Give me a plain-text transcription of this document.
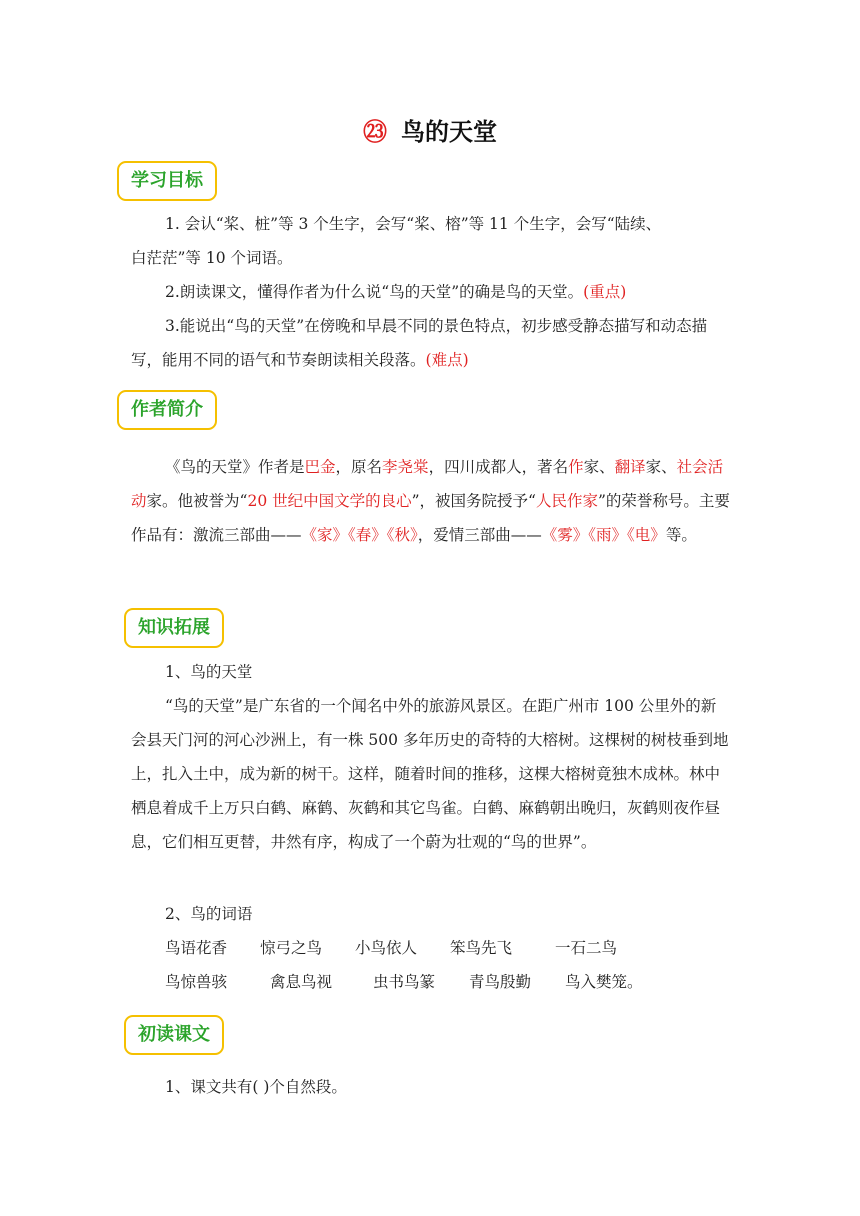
㉓ 鸟的天堂
学习目标
1. 会认“桨、桩”等 3 个生字，会写“桨、榕”等 11 个生字，会写“陆续、
白茫茫”等 10 个词语。
2.朗读课文，懂得作者为什么说“鸟的天堂”的确是鸟的天堂。(重点)
3.能说出“鸟的天堂”在傍晚和早晨不同的景色特点，初步感受静态描写和动态描写，能用不同的语气和节奏朗读相关段落。(难点)
作者简介
《鸟的天堂》作者是巴金，原名李尧棠，四川成都人，著名作家、翻译家、社会活动家。他被誉为“20 世纪中国文学的良心”，被国务院授予“人民作家”的荣誉称号。主要作品有：激流三部曲——《家》《春》《秋》，爱情三部曲——《雾》《雨》《电》等。
知识拓展
1、鸟的天堂
“鸟的天堂”是广东省的一个闻名中外的旅游风景区。在距广州市 100 公里外的新会县天门河的河心沙洲上，有一株 500 多年历史的奇特的大榕树。这棵树的树枝垂到地上，扎入土中，成为新的树干。这样，随着时间的推移，这棵大榕树竟独木成林。林中栖息着成千上万只白鹤、麻鹤、灰鹤和其它鸟雀。白鹤、麻鹤朝出晚归，灰鹤则夜作昼息，它们相互更替，井然有序，构成了一个蔚为壮观的“鸟的世界”。
2、鸟的词语
鸟语花香 惊弓之鸟 小鸟依人 笨鸟先飞	一石二鸟
鸟惊兽骇	禽息鸟视	虫书鸟篆 青鸟殷勤 鸟入樊笼。
初读课文
1、课文共有( )个自然段。
